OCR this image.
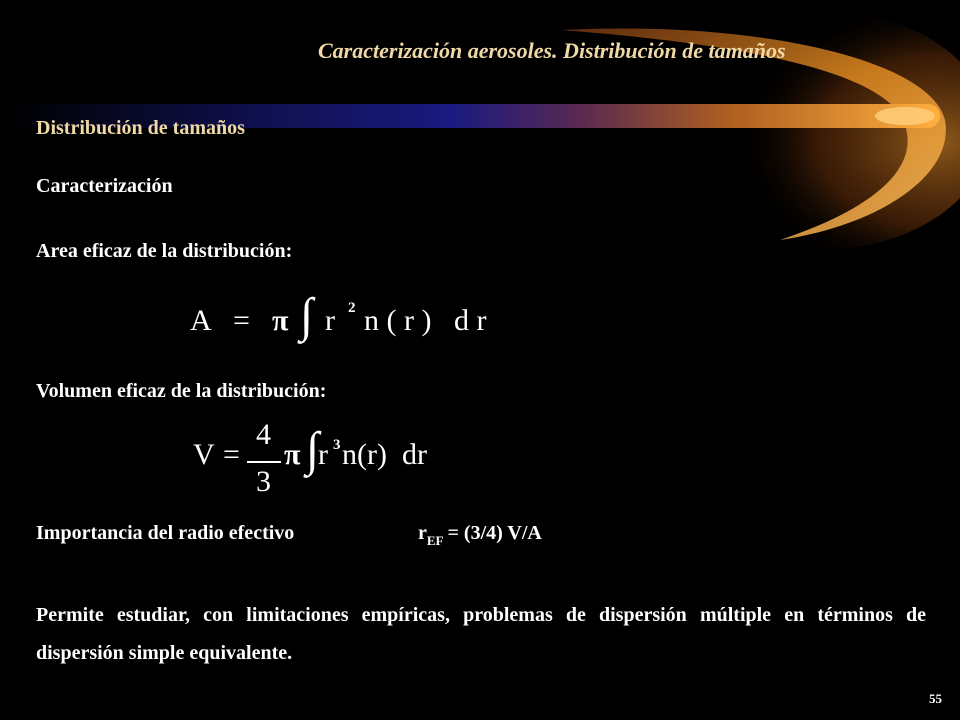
Caracterización aerosoles. Distribución de tamaños
Distribución de tamaños
Caracterización
Area eficaz de la distribución:
A = π ∫ r 2 n ( r )   d r
Volumen eficaz de la distribución:
V =
4
3
π ∫
r 3 n(r)  dr
Importancia del radio efectivo	$r_{EF} = (3/4)$ V/A
Permite estudiar, con limitaciones empíricas, problemas de dispersión múltiple en términos de dispersión simple equivalente.
55
